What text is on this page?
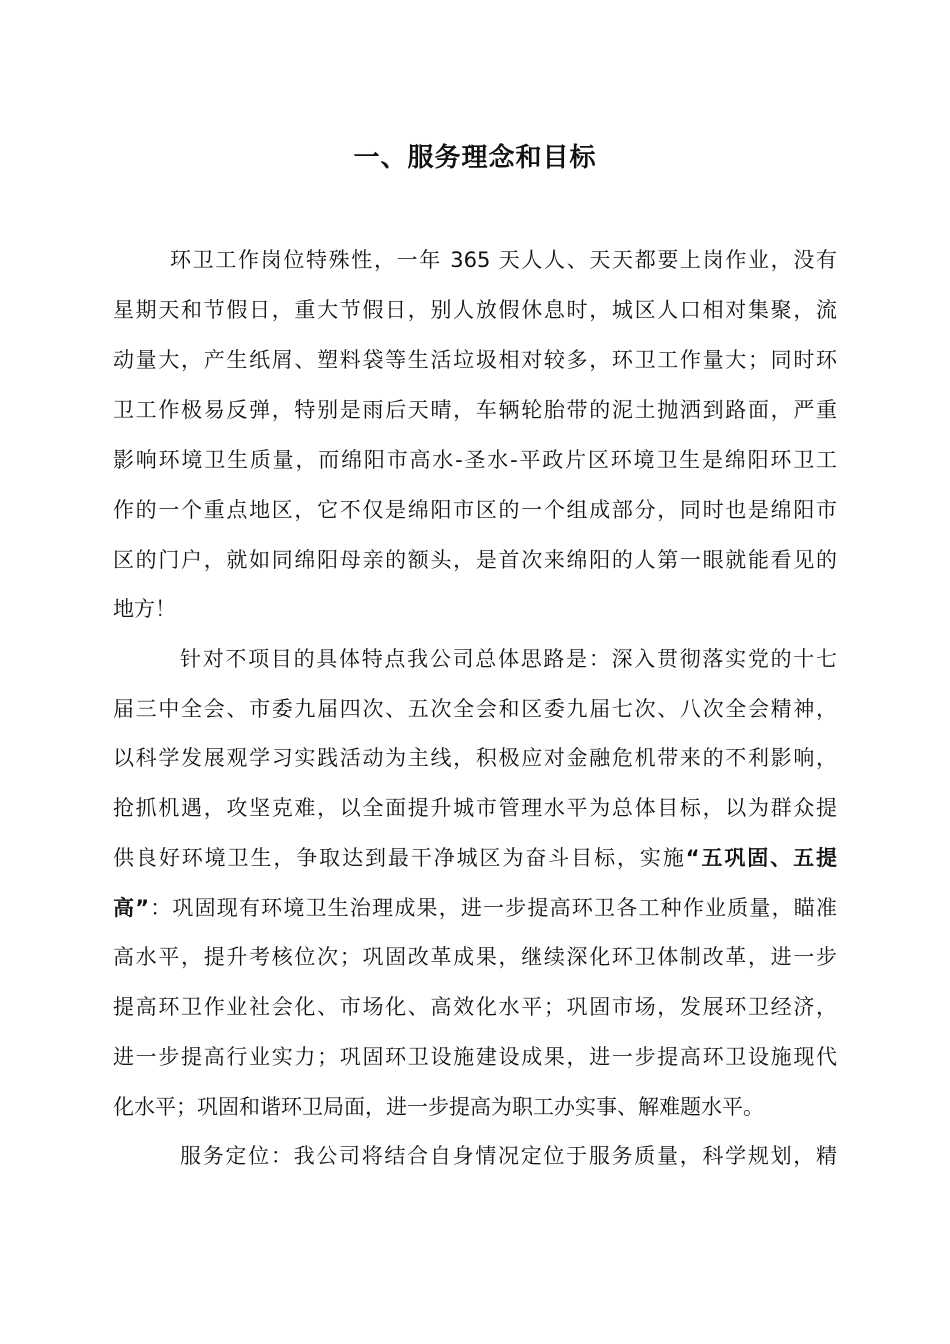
一、服务理念和目标
环卫工作岗位特殊性，一年 365 天人人、天天都要上岗作业，没有
星期天和节假日，重大节假日，别人放假休息时，城区人口相对集聚，流
动量大，产生纸屑、塑料袋等生活垃圾相对较多，环卫工作量大；同时环
卫工作极易反弹，特别是雨后天晴，车辆轮胎带的泥土抛洒到路面，严重
影响环境卫生质量，而绵阳市高水-圣水-平政片区环境卫生是绵阳环卫工
作的一个重点地区，它不仅是绵阳市区的一个组成部分，同时也是绵阳市
区的门户，就如同绵阳母亲的额头，是首次来绵阳的人第一眼就能看见的
地方！
针对不项目的具体特点我公司总体思路是：深入贯彻落实党的十七
届三中全会、市委九届四次、五次全会和区委九届七次、八次全会精神，
以科学发展观学习实践活动为主线，积极应对金融危机带来的不利影响，
抢抓机遇，攻坚克难，以全面提升城市管理水平为总体目标，以为群众提
供良好环境卫生，争取达到最干净城区为奋斗目标，实施“五巩固、五提
高”：巩固现有环境卫生治理成果，进一步提高环卫各工种作业质量，瞄准
高水平，提升考核位次；巩固改革成果，继续深化环卫体制改革，进一步
提高环卫作业社会化、市场化、高效化水平；巩固市场，发展环卫经济，
进一步提高行业实力；巩固环卫设施建设成果，进一步提高环卫设施现代
化水平；巩固和谐环卫局面，进一步提高为职工办实事、解难题水平。
服务定位：我公司将结合自身情况定位于服务质量，科学规划，精
